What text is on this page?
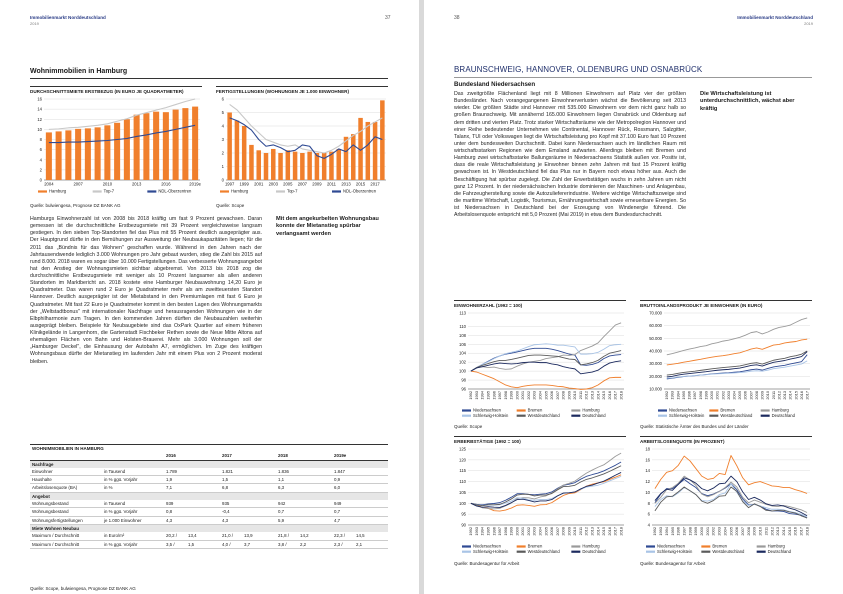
Immobilienmarkt Norddeutschland
2019
37
Wohnimmobilien in Hamburg
DURCHSCHNITTSMIETE ERSTBEZUG (IN EURO JE QUADRATMETER)
0
2
4
6
8
10
12
14
16
2004	2007	2010	2013	2016	2019e
Hamburg	Top-7	NDL-Oberzentren
Quelle: bulwiengesa, Prognose DZ BANK AG
FERTIGSTELLUNGEN (WOHNUNGEN JE 1.000 EINWOHNER)
0
1
2
3
4
5
6
1997 1999 2001 2003 2005 2007 2009 2011 2013 2015 2017
Hamburg	Top-7	NDL-Oberzentren
Quelle: Scope
Hamburgs Einwohnerzahl ist von 2008 bis 2018 kräftig um fast 9 Prozent gewachsen. Daran gemessen ist die durchschnittliche Erstbezugsmiete mit 39 Prozent vergleichsweise langsam gestiegen. In den sieben Top-Standorten fiel das Plus mit 55 Prozent deutlich ausgeprägter aus. Der Hauptgrund dürfte in den Bemühungen zur Ausweitung der Neubaukapazitäten liegen; für die 2011 das „Bündnis für das Wohnen" geschaffen wurde. Während in den Jahren nach der Jahrtausendwende lediglich 3.000 Wohnungen pro Jahr gebaut wurden, stieg die Zahl bis 2015 auf rund 8.000. 2018 waren es sogar über 10.000 Fertigstellungen. Das verbesserte Wohnungsangebot hat den Anstieg der Wohnungsmieten sichtbar abgebremst. Von 2013 bis 2018 zog die durchschnittliche Erstbezugsmiete mit weniger als 10 Prozent langsamer als allen anderen Standorten im Marktbericht an. 2018 kostete eine Hamburger Neubauwohnung 14,20 Euro je Quadratmeter. Das waren rund 2 Euro je Quadratmeter mehr als am zweitteuersten Standort Hannover. Deutlich ausgeprägter ist der Mietabstand in den Premiumlagen mit fast 6 Euro je Quadratmeter. Mit fast 22 Euro je Quadratmeter kommt in den besten Lagen des Wohnungsmarkts der „Weltstadtbonus" mit internationaler Nachfrage und herausragenden Wohnungen wie in der Elbphilharmonie zum Tragen. In den kommenden Jahren dürften die Neubauzahlen weiterhin ausgeprägt bleiben. Beispiele für Neubaugebiete sind das OxPark Quartier auf einem früheren Klinikgelände in Langenhorn, die Gartenstadt Fischbeker Rethen sowie die Neue Mitte Altona auf ehemaligen Flächen von Bahn und Holsten-Brauerei. Mehr als 3.000 Wohnungen soll der „Hamburger Deckel", die Einhausung der Autobahn A7, ermöglichen. Im Zuge des kräftigen Wohnungsbaus dürfte der Mietanstieg im laufenden Jahr mit einem Plus von 2 Prozent moderat bleiben.
Mit dem angekurbelten Wohnungsbau konnte der Mietanstieg spürbar verlangsamt werden
WOHNIMMOBILIEN IN HAMBURG									
		2016		2017		2018		2019e	
Nachfrage									
Einwohner	in Tausend	1.789		1.821		1.836		1.847	
Haushalte	in % ggü. Vorjahr	1,9		1,5		1,1		0,9	
Arbeitslosenquote (BA)	in %	7,1		6,8		6,3		6,0	
Angebot									
Wohnungsbestand	in Tausend	939		935		942		949	
Wohnungsbestand	in % ggü. Vorjahr	0,8		-0,4		0,7		0,7	
Wohnungsfertigstellungen	je 1.000 Einwohner	4,3		4,3		5,9		4,7	
Miete Wohnen Neubau									
Maximum / Durchschnitt	in Euro/m²	20,2 /	13,4	21,0 /	13,9	21,8 /	14,2	22,3 /	14,5
Maximum / Durchschnitt	in % ggü. Vorjahr	3,5 /	1,5	4,0 /	3,7	3,8 /	2,2	2,3 /	2,1
Quelle: Scope, bulwiengesa, Prognose DZ BANK AG
38	Immobilienmarkt Norddeutschland
2019
BRAUNSCHWEIG, HANNOVER, OLDENBURG UND OSNABRÜCK
Bundesland Niedersachsen
Das zweitgrößte Flächenland liegt mit 8 Millionen Einwohnern auf Platz vier der größten Bundesländer. Nach vorangegangenen Einwohnerverlusten wächst die Bevölkerung seit 2013 wieder. Die größten Städte sind Hannover mit 535.000 Einwohnern vor dem nicht ganz halb so großen Braunschweig. Mit annähernd 165.000 Einwohnern liegen Osnabrück und Oldenburg auf dem dritten und vierten Platz. Trotz starker Wirtschaftsräume wie der Metropolregion Hannover und einer Reihe bedeutender Unternehmen wie Continental, Hannover Rück, Rossmann, Salzgitter, Talanx, TUI oder Volkswagen liegt die Wirtschaftsleistung pro Kopf mit 37.100 Euro fast 10 Prozent unter dem bundesweiten Durchschnitt. Dabei kann Niedersachsen auch im ländlichen Raum mit wirtschaftsstarken Regionen wie dem Emsland aufwarten. Allerdings bleiben mit Bremen und Hamburg zwei wirtschaftsstarke Ballungsräume in Niedersachsens Statistik außen vor. Positiv ist, dass die reale Wirtschaftsleistung je Einwohner binnen zehn Jahren mit fast 15 Prozent kräftig gewachsen ist. In Westdeutschland fiel das Plus nur in Bayern noch etwas höher aus. Auch die Beschäftigung hat spürbar zugelegt. Die Zahl der Erwerbstätigen wuchs in zehn Jahren um nicht ganz 12 Prozent. In der niedersächsischen Industrie dominieren der Maschinen- und Anlagenbau, die Fahrzeugherstellung sowie die Autozuliefererindustrie. Weitere wichtige Wirtschaftszweige sind die maritime Wirtschaft, Logistik, Tourismus, Ernährungswirtschaft sowie erneuerbare Energien. So ist Niedersachsen in Deutschland bei der Erzeugung von Windenergie führend. Die Arbeitslosenquote entspricht mit 5,0 Prozent (Mai 2019) in etwa dem Bundesdurchschnitt.
Die Wirtschaftsleistung ist unterdurchschnittlich, wächst aber kräftig
EINWOHNERZAHL (1992 = 100)
96
98
100
102
104
106
108
110
113
1992 1993 1994 1995 1996 1997 1998 1999 2000 2001 2002 2003 2004 2005 2006 2007 2008 2009 2010 2011 2012 2013 2014 2015 2016 2017 2018
Niedersachsen	Bremen	Hamburg
Schleswig-Holstein	Westdeutschland	Deutschland
Quelle: Scope
BRUTTOINLANDSPRODUKT JE EINWOHNER (IN EURO)
10.000
20.000
30.000
40.000
50.000
60.000
70.000
1992 1993 1994 1995 1996 1997 1998 1999 2000 2001 2002 2003 2004 2005 2006 2007 2008 2009 2010 2011 2012 2013 2014 2015 2016 2017
Niedersachsen	Bremen	Hamburg
Schleswig-Holstein	Westdeutschland	Deutschland
Quelle: Statistische Ämter des Bundes und der Länder
ERBERBSTÄTIGE (1992 = 100)
90
95
100
105
110
115
120
125
1992 1993 1994 1995 1996 1997 1998 1999 2000 2001 2002 2003 2004 2005 2006 2007 2008 2009 2010 2011 2012 2013 2014 2015 2016 2017 2018
Niedersachsen	Bremen	Hamburg
Schleswig-Holstein	Westdeutschland	Deutschland
Quelle: Bundesagentur für Arbeit
ARBEITSLOSENQUOTE (IN PROZENT)
4
6
8
10
12
14
16
18
1992 1993 1994 1995 1996 1997 1998 1999 2000 2001 2002 2003 2004 2005 2006 2007 2008 2009 2010 2011 2012 2013 2014 2015 2016 2017 2018
Niedersachsen	Bremen	Hamburg
Schleswig-Holstein	Westdeutschland	Deutschland
Quelle: Bundesagentur für Arbeit
